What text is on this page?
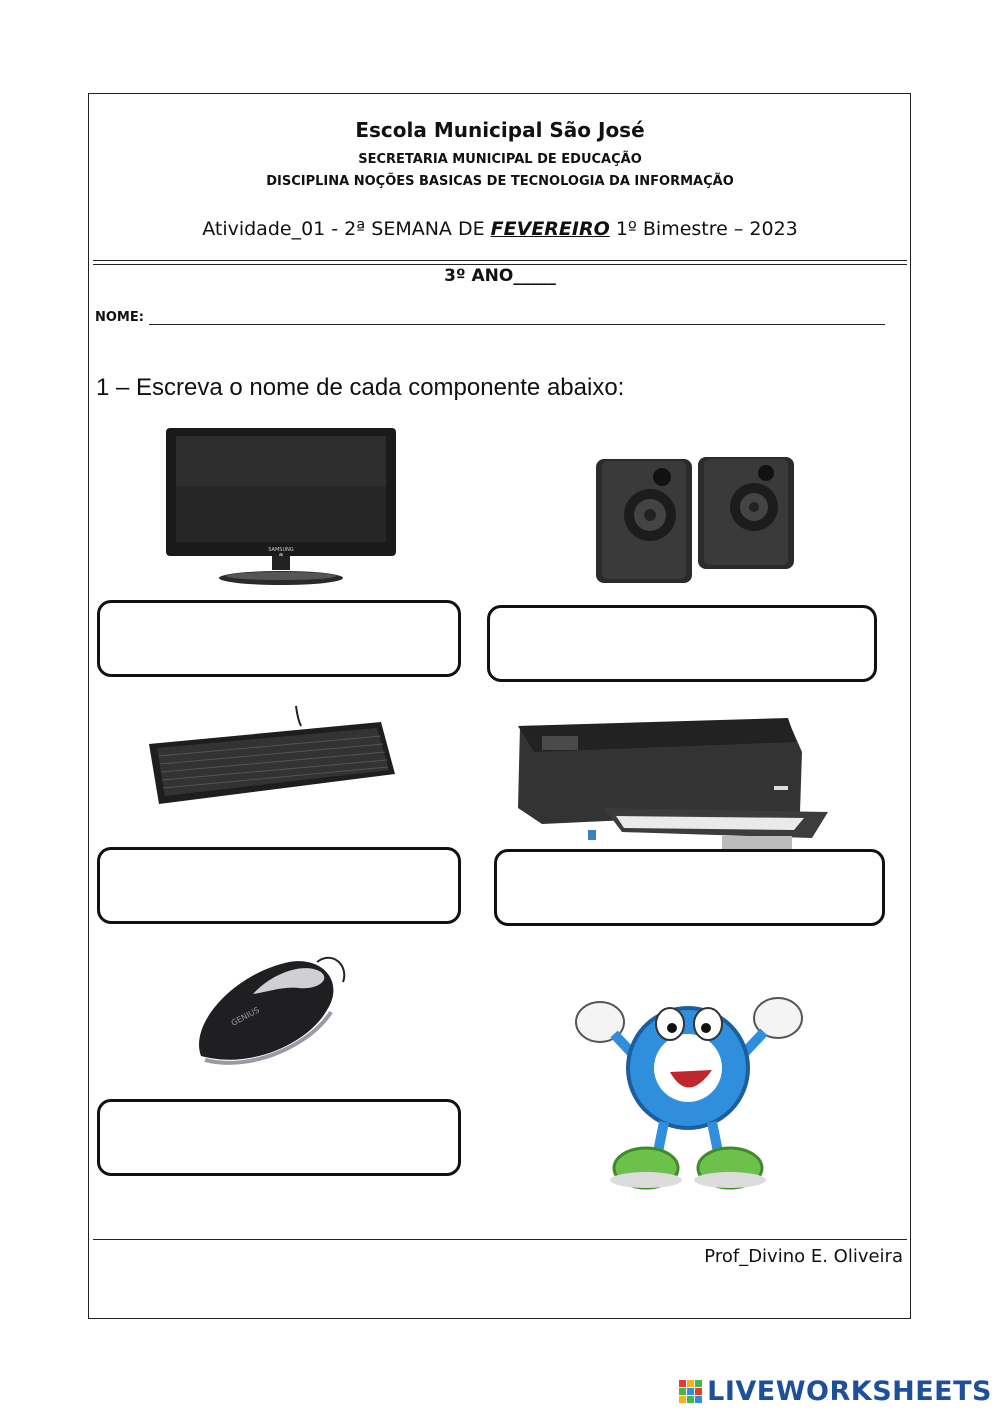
Escola Municipal São José
SECRETARIA MUNICIPAL DE EDUCAÇÃO
DISCIPLINA NOÇÕES BASICAS DE TECNOLOGIA DA INFORMAÇÃO
Atividade_01 - 2ª SEMANA DE FEVEREIRO 1º Bimestre – 2023
3º ANO_____
NOME:
1 – Escreva o nome de cada componente abaixo:
SAMSUNG
GENIUS
Prof_Divino E. Oliveira
LIVEWORKSHEETS
